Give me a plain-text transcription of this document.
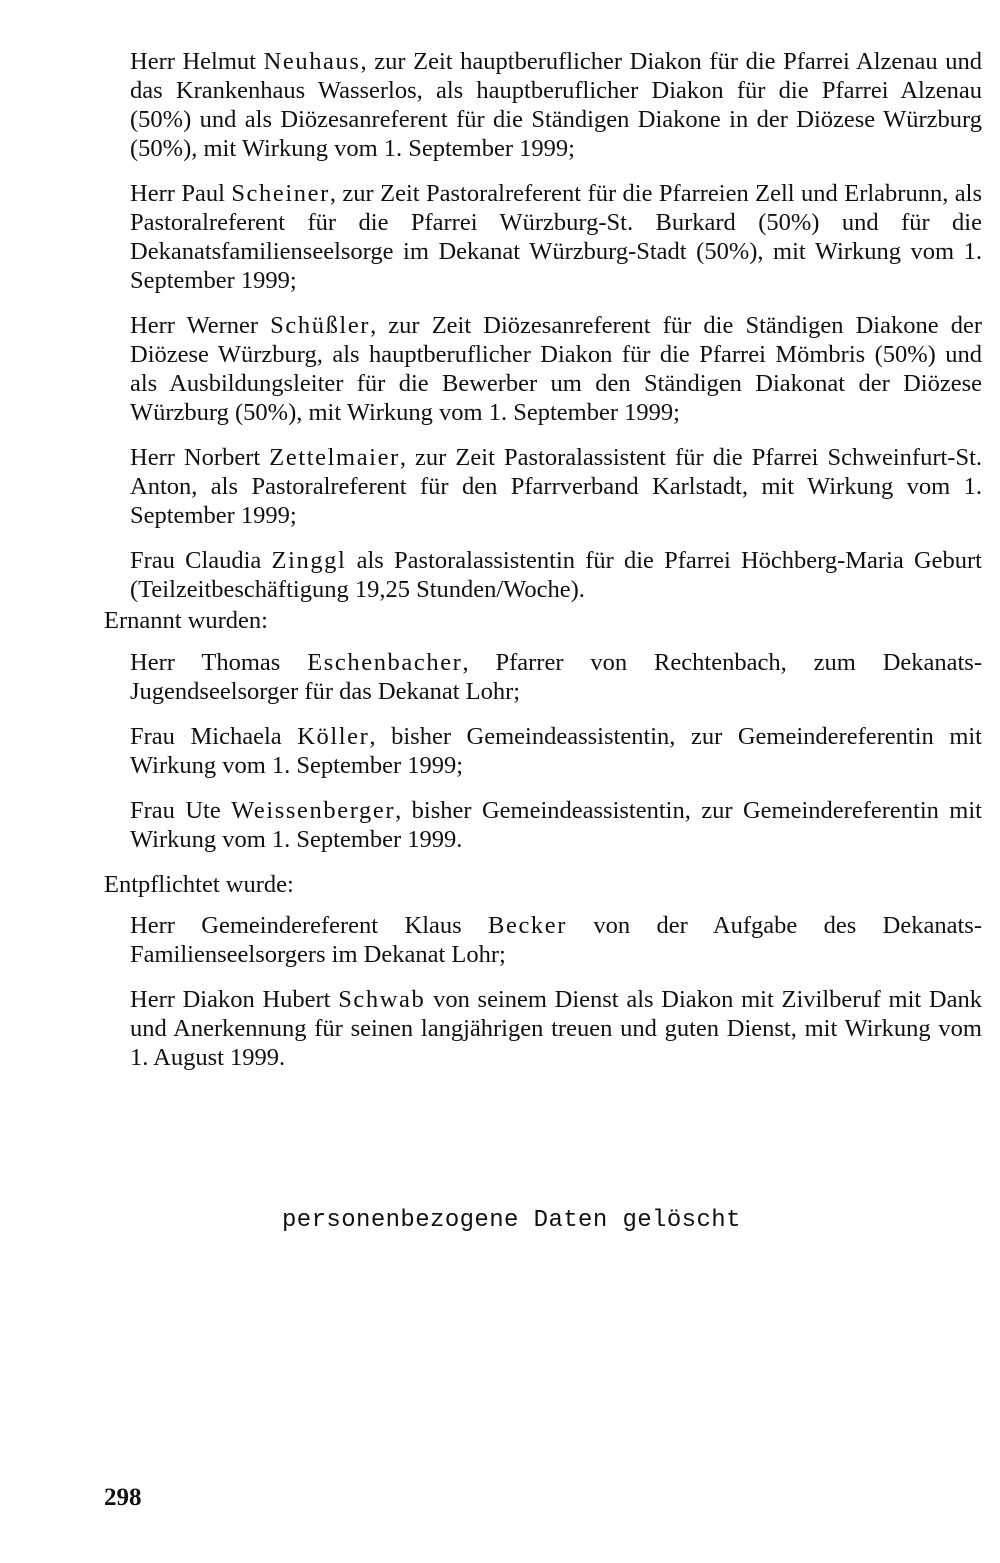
Herr Helmut Neuhaus, zur Zeit hauptberuflicher Diakon für die Pfarrei Alzenau und das Krankenhaus Wasserlos, als hauptberuflicher Diakon für die Pfarrei Alzenau (50%) und als Diözesanreferent für die Ständigen Diakone in der Diözese Würzburg (50%), mit Wirkung vom 1. September 1999;

Herr Paul Scheiner, zur Zeit Pastoralreferent für die Pfarreien Zell und Erlabrunn, als Pastoralreferent für die Pfarrei Würzburg-St. Burkard (50%) und für die Dekanatsfamilienseelsorge im Dekanat Würzburg-Stadt (50%), mit Wirkung vom 1. September 1999;

Herr Werner Schüßler, zur Zeit Diözesanreferent für die Ständigen Diakone der Diözese Würzburg, als hauptberuflicher Diakon für die Pfarrei Mömbris (50%) und als Ausbildungsleiter für die Bewerber um den Ständigen Diakonat der Diözese Würzburg (50%), mit Wirkung vom 1. September 1999;

Herr Norbert Zettelmaier, zur Zeit Pastoralassistent für die Pfarrei Schweinfurt-St. Anton, als Pastoralreferent für den Pfarrverband Karlstadt, mit Wirkung vom 1. September 1999;

Frau Claudia Zinggl als Pastoralassistentin für die Pfarrei Höchberg-Maria Geburt (Teilzeitbeschäftigung 19,25 Stunden/Woche).

Ernannt wurden:

Herr Thomas Eschenbacher, Pfarrer von Rechtenbach, zum Dekanats-Jugendseelsorger für das Dekanat Lohr;

Frau Michaela Köller, bisher Gemeindeassistentin, zur Gemeindereferentin mit Wirkung vom 1. September 1999;

Frau Ute Weissenberger, bisher Gemeindeassistentin, zur Gemeindereferentin mit Wirkung vom 1. September 1999.

Entpflichtet wurde:

Herr Gemeindereferent Klaus Becker von der Aufgabe des Dekanats-Familienseelsorgers im Dekanat Lohr;

Herr Diakon Hubert Schwab von seinem Dienst als Diakon mit Zivilberuf mit Dank und Anerkennung für seinen langjährigen treuen und guten Dienst, mit Wirkung vom 1. August 1999.

personenbezogene Daten gelöscht
298
